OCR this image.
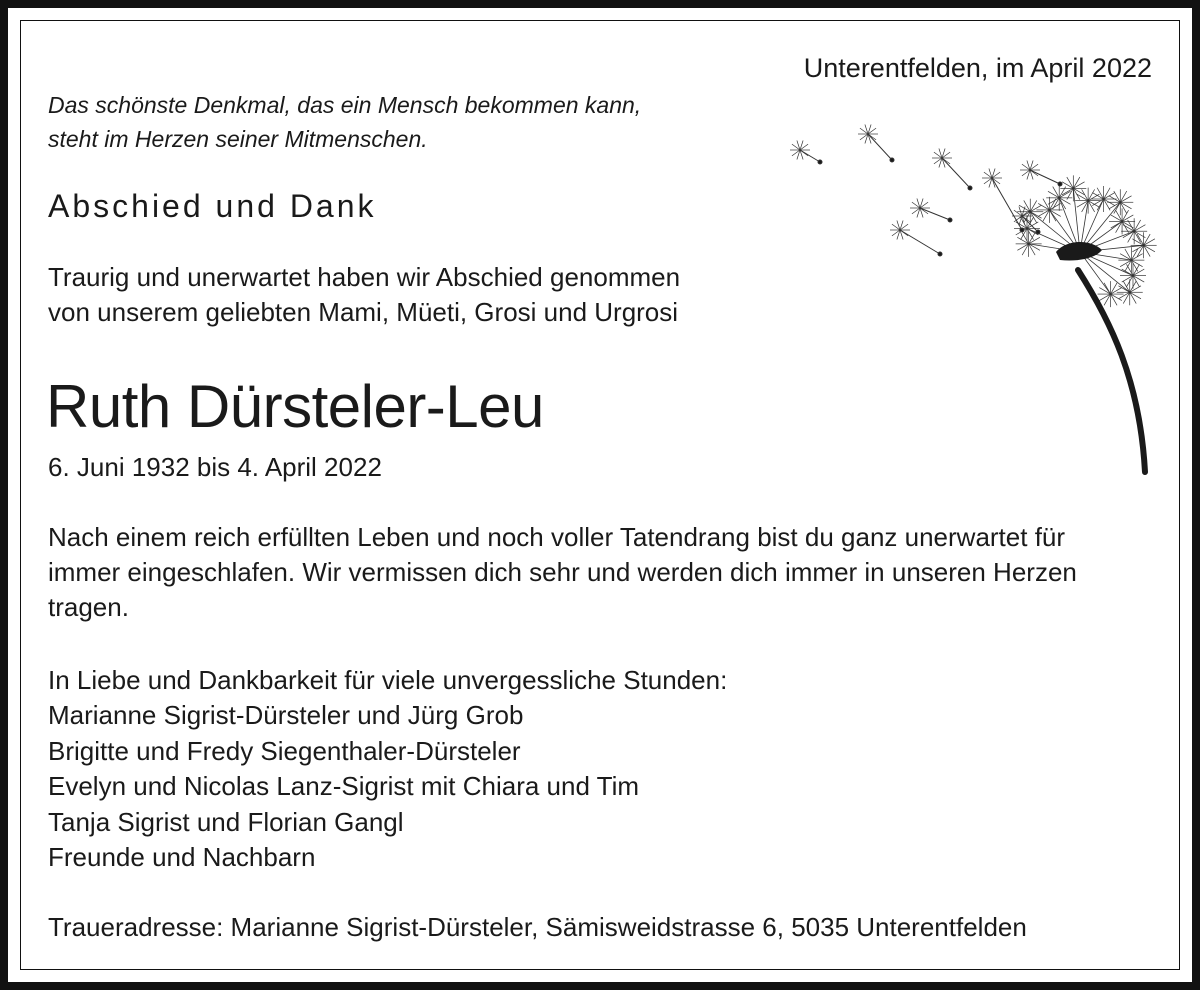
Unterentfelden, im April 2022
Das schönste Denkmal, das ein Mensch bekommen kann,
steht im Herzen seiner Mitmenschen.
Abschied und Dank
Traurig und unerwartet haben wir Abschied genommen
von unserem geliebten Mami, Müeti, Grosi und Urgrosi
Ruth Dürsteler-Leu
6. Juni 1932 bis 4. April 2022
Nach einem reich erfüllten Leben und noch voller Tatendrang bist du ganz unerwartet für
immer eingeschlafen. Wir vermissen dich sehr und werden dich immer in unseren Herzen
tragen.
In Liebe und Dankbarkeit für viele unvergessliche Stunden:
Marianne Sigrist-Dürsteler und Jürg Grob
Brigitte und Fredy Siegenthaler-Dürsteler
Evelyn und Nicolas Lanz-Sigrist mit Chiara und Tim
Tanja Sigrist und Florian Gangl
Freunde und Nachbarn
Traueradresse: Marianne Sigrist-Dürsteler, Sämisweidstrasse 6, 5035 Unterentfelden
